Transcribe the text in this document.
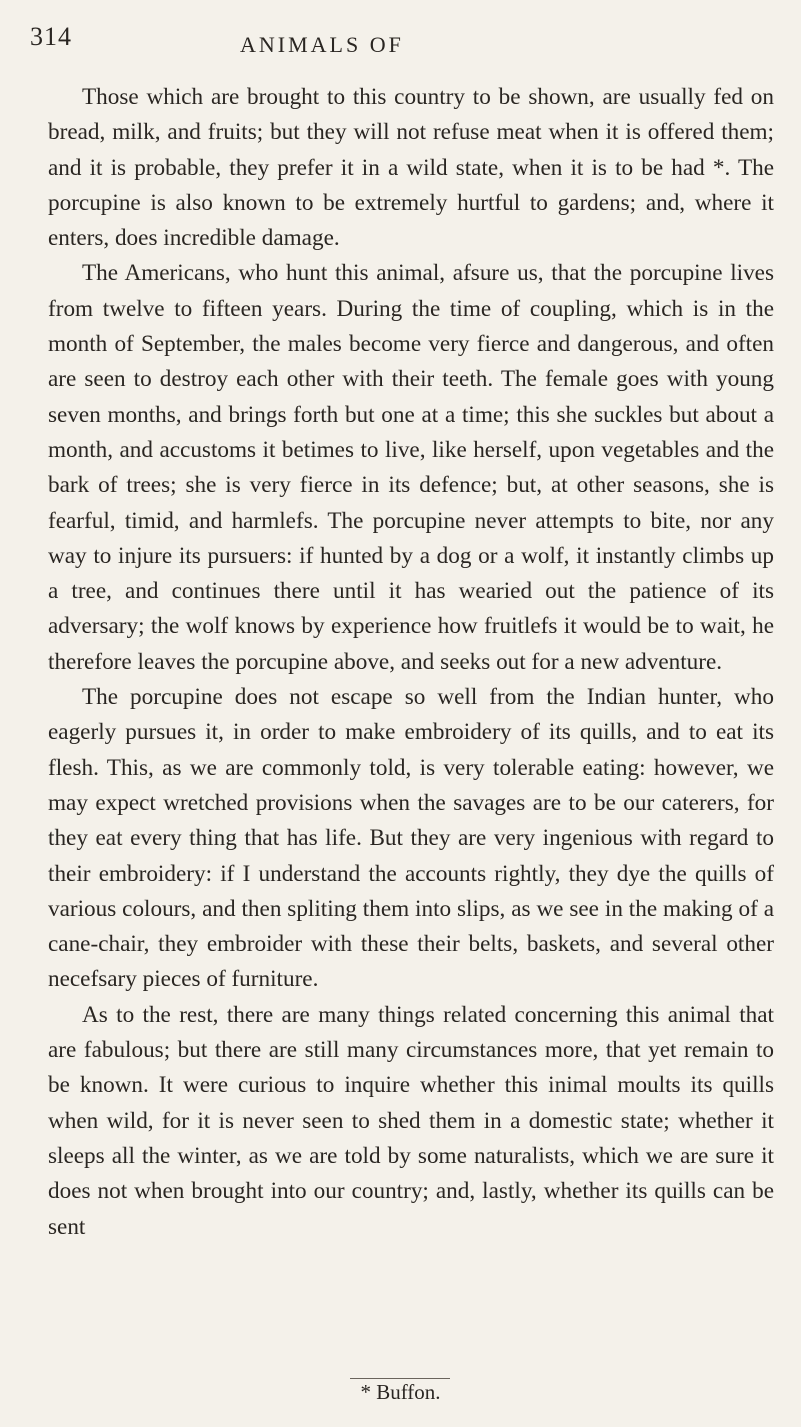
314	ANIMALS OF

Those which are brought to this country to be shown, are usually fed on bread, milk, and fruits; but they will not refuse meat when it is offered them; and it is probable, they prefer it in a wild state, when it is to be had *. The porcupine is also known to be extremely hurtful to gardens; and, where it enters, does incredible damage.

The Americans, who hunt this animal, afsure us, that the porcupine lives from twelve to fifteen years. During the time of coupling, which is in the month of September, the males become very fierce and dangerous, and often are seen to destroy each other with their teeth. The female goes with young seven months, and brings forth but one at a time; this she suckles but about a month, and accustoms it betimes to live, like herself, upon vegetables and the bark of trees; she is very fierce in its defence; but, at other seasons, she is fearful, timid, and harmlefs. The porcupine never attempts to bite, nor any way to injure its pursuers: if hunted by a dog or a wolf, it instantly climbs up a tree, and continues there until it has wearied out the patience of its adversary; the wolf knows by experience how fruitlefs it would be to wait, he therefore leaves the porcupine above, and seeks out for a new adventure.

The porcupine does not escape so well from the Indian hunter, who eagerly pursues it, in order to make embroidery of its quills, and to eat its flesh. This, as we are commonly told, is very tolerable eating: however, we may expect wretched provisions when the savages are to be our caterers, for they eat every thing that has life. But they are very ingenious with regard to their embroidery: if I understand the accounts rightly, they dye the quills of various colours, and then spliting them into slips, as we see in the making of a cane-chair, they embroider with these their belts, baskets, and several other necefsary pieces of furniture.

As to the rest, there are many things related concerning this animal that are fabulous; but there are still many circumstances more, that yet remain to be known. It were curious to inquire whether this inimal moults its quills when wild, for it is never seen to shed them in a domestic state; whether it sleeps all the winter, as we are told by some naturalists, which we are sure it does not when brought into our country; and, lastly, whether its quills can be sent

* Buffon.
